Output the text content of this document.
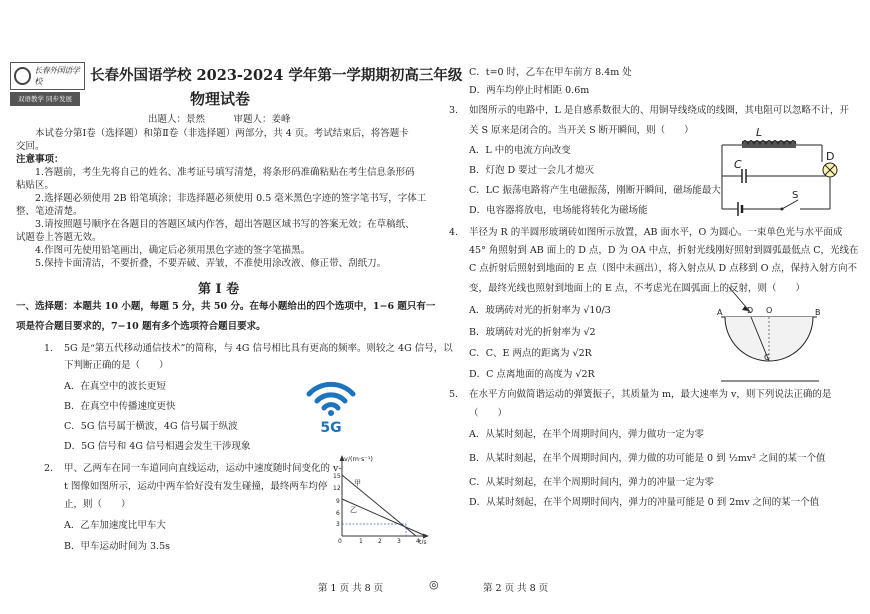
长春外国语学校
双语教学 同步发展
长春外国语学校 2023-2024 学年第一学期期初高三年级
物理试卷
出题人：景然　　　审题人：姜峰
本试卷分第Ⅰ卷（选择题）和第Ⅱ卷（非选择题）两部分，共 4 页。考试结束后，将答题卡
交回。
注意事项：
1.答题前，考生先将自己的姓名、准考证号填写清楚，将条形码准确粘贴在考生信息条形码
粘贴区。
2.选择题必须使用 2B 铅笔填涂；非选择题必须使用 0.5 毫米黑色字迹的签字笔书写，字体工
整、笔迹清楚。
3.请按照题号顺序在各题目的答题区域内作答，超出答题区域书写的答案无效；在草稿纸、
试题卷上答题无效。
4.作图可先使用铅笔画出，确定后必须用黑色字迹的签字笔描黑。
5.保持卡面清洁，不要折叠，不要弄破、弄皱，不准使用涂改液、修正带、刮纸刀。
第 Ⅰ 卷
一、选择题：本题共 10 小题，每题 5 分，共 50 分。在每小题给出的四个选项中，1−6 题只有一
项是符合题目要求的，7−10 题有多个选项符合题目要求。
1. 5G 是“第五代移动通信技术”的简称，与 4G 信号相比具有更高的频率。则较之 4G 信号，以
下判断正确的是（　　）
A．在真空中的波长更短
B．在真空中传播速度更快
C．5G 信号属于横波，4G 信号属于纵波
D．5G 信号和 4G 信号相遇会发生干涉现象
5G
2. 甲、乙两车在同一车道同向直线运动，运动中速度随时间变化的 v-
t 图像如图所示，运动中两车恰好没有发生碰撞，最终两车均停
止，则（　　）
A．乙车加速度比甲车大
B．甲车运动时间为 3.5s
v/(m·s⁻¹)
t/s
15
12
9
6
3
0	1	2	3	4
甲
乙
第 1 页 共 8 页	◎
C．t=0 时，乙车在甲车前方 8.4m 处
D．两车均停止时相距 0.6m
3. 如图所示的电路中，L 是自感系数很大的、用铜导线绕成的线圈，其电阻可以忽略不计，开
关 S 原来是闭合的。当开关 S 断开瞬间，则（　　）
A．L 中的电流方向改变
B．灯泡 D 要过一会儿才熄灭
C．LC 振荡电路将产生电磁振荡，刚断开瞬间，磁场能最大
D．电容器将放电，电场能将转化为磁场能
L
C
D
S
4. 半径为 R 的半圆形玻璃砖如图所示放置，AB 面水平，O 为圆心。一束单色光与水平面成
45° 角照射到 AB 面上的 D 点，D 为 OA 中点，折射光线刚好照射到圆弧最低点 C，光线在
C 点折射后照射到地面的 E 点（图中未画出），将入射点从 D 点移到 O 点，保持入射方向不
变，最终光线也照射到地面上的 E 点，不考虑光在圆弧面上的反射，则（　　）
A．玻璃砖对光的折射率为 √10/3
B．玻璃砖对光的折射率为 √2
C．C、E 两点的距离为 √2R
D．C 点离地面的高度为 √2R
A	D O	B
C
5. 在水平方向做简谐运动的弹簧振子，其质量为 m，最大速率为 v，则下列说法正确的是
（　　）
A．从某时刻起，在半个周期时间内，弹力做功一定为零
B．从某时刻起，在半个周期时间内，弹力做的功可能是 0 到 ½mv² 之间的某一个值
C．从某时刻起，在半个周期时间内，弹力的冲量一定为零
D．从某时刻起，在半个周期时间内，弹力的冲量可能是 0 到 2mv 之间的某一个值
第 2 页 共 8 页
